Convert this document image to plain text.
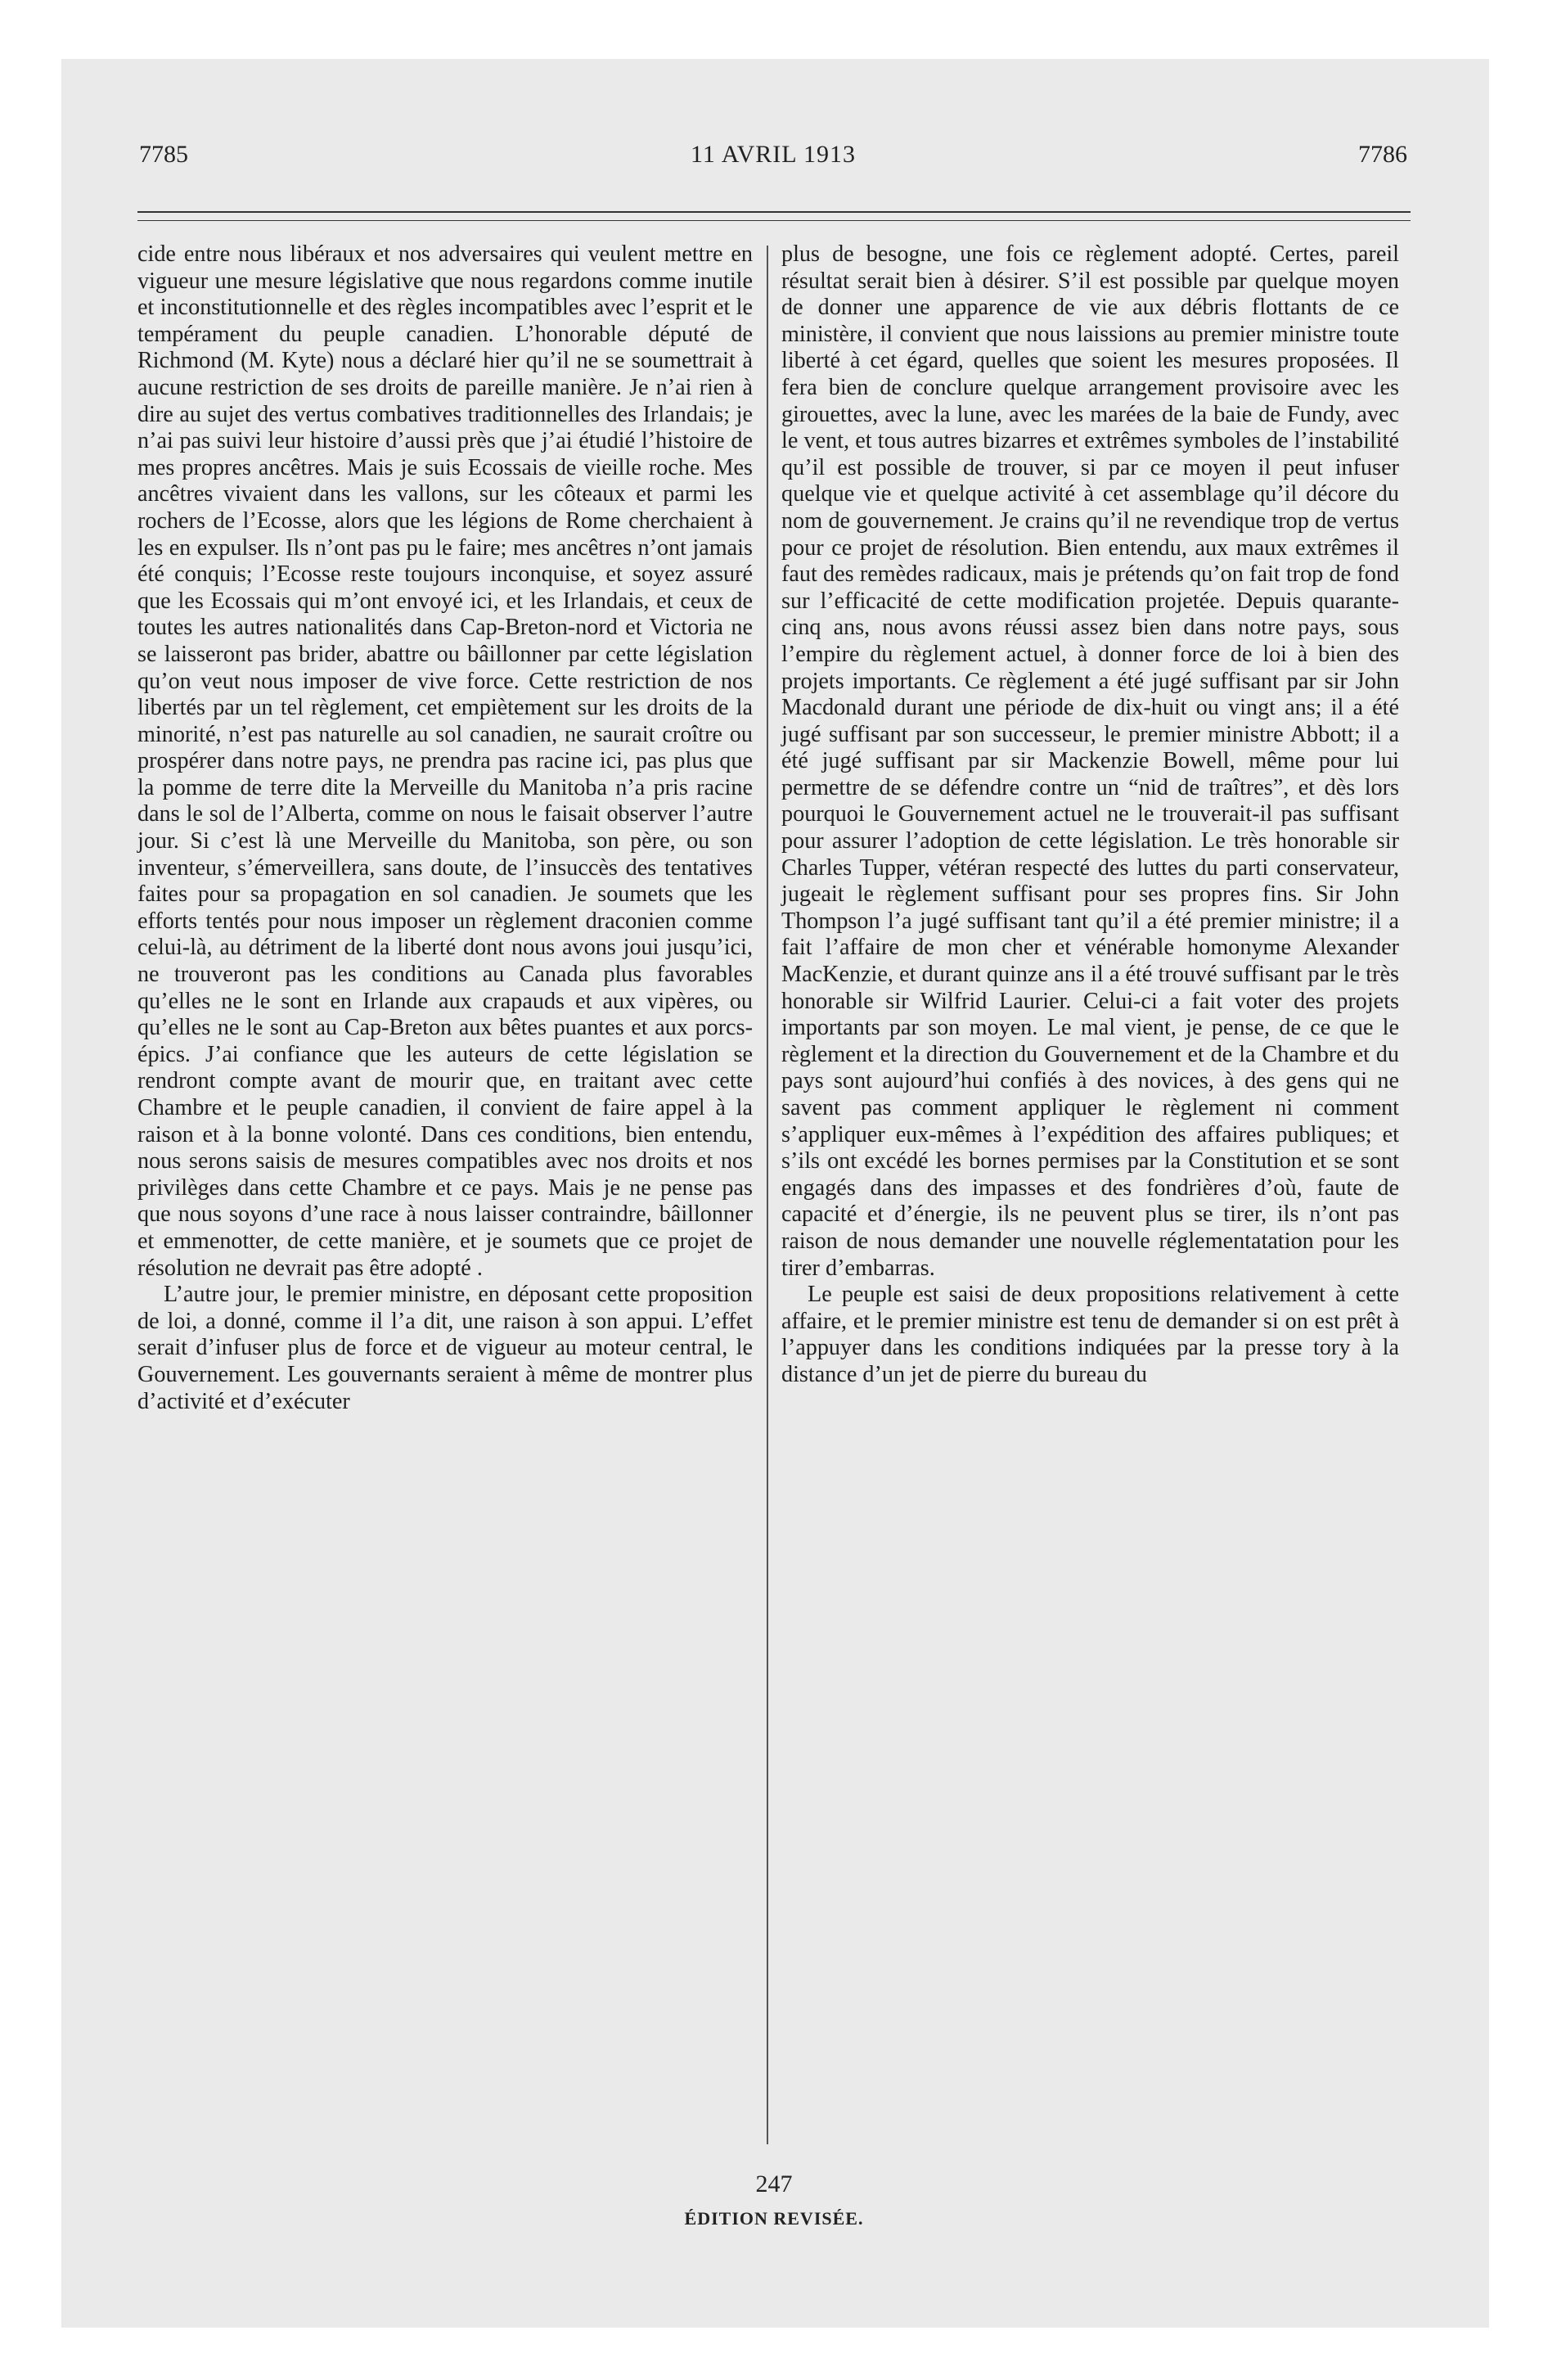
7785	11 AVRIL 1913	7786

cide entre nous libéraux et nos adversaires qui veulent mettre en vigueur une mesure législative que nous regardons comme inutile et inconstitutionnelle et des règles incompatibles avec l’esprit et le tempérament du peuple canadien. L’honorable député de Richmond (M. Kyte) nous a déclaré hier qu’il ne se soumettrait à aucune restriction de ses droits de pareille manière. Je n’ai rien à dire au sujet des vertus combatives traditionnelles des Irlandais; je n’ai pas suivi leur histoire d’aussi près que j’ai étudié l’histoire de mes propres ancêtres. Mais je suis Ecossais de vieille roche. Mes ancêtres vivaient dans les vallons, sur les côteaux et parmi les rochers de l’Ecosse, alors que les légions de Rome cherchaient à les en expulser. Ils n’ont pas pu le faire; mes ancêtres n’ont jamais été conquis; l’Ecosse reste toujours inconquise, et soyez assuré que les Ecossais qui m’ont envoyé ici, et les Irlandais, et ceux de toutes les autres nationalités dans Cap-Breton-nord et Victoria ne se laisseront pas brider, abattre ou bâillonner par cette législation qu’on veut nous imposer de vive force. Cette restriction de nos libertés par un tel règlement, cet empiètement sur les droits de la minorité, n’est pas naturelle au sol canadien, ne saurait croître ou prospérer dans notre pays, ne prendra pas racine ici, pas plus que la pomme de terre dite la Merveille du Manitoba n’a pris racine dans le sol de l’Alberta, comme on nous le faisait observer l’autre jour. Si c’est là une Merveille du Manitoba, son père, ou son inventeur, s’émerveillera, sans doute, de l’insuccès des tentatives faites pour sa propagation en sol canadien. Je soumets que les efforts tentés pour nous imposer un règlement draconien comme celui-là, au détriment de la liberté dont nous avons joui jusqu’ici, ne trouveront pas les conditions au Canada plus favorables qu’elles ne le sont en Irlande aux crapauds et aux vipères, ou qu’elles ne le sont au Cap-Breton aux bêtes puantes et aux porcs-épics. J’ai confiance que les auteurs de cette législation se rendront compte avant de mourir que, en traitant avec cette Chambre et le peuple canadien, il convient de faire appel à la raison et à la bonne volonté. Dans ces conditions, bien entendu, nous serons saisis de mesures compatibles avec nos droits et nos privilèges dans cette Chambre et ce pays. Mais je ne pense pas que nous soyons d’une race à nous laisser contraindre, bâillonner et emmenotter, de cette manière, et je soumets que ce projet de résolution ne devrait pas être adopté .

L’autre jour, le premier ministre, en déposant cette proposition de loi, a donné, comme il l’a dit, une raison à son appui. L’effet serait d’infuser plus de force et de vigueur au moteur central, le Gouvernement. Les gouvernants seraient à même de montrer plus d’activité et d’exécuter

plus de besogne, une fois ce règlement adopté. Certes, pareil résultat serait bien à désirer. S’il est possible par quelque moyen de donner une apparence de vie aux débris flottants de ce ministère, il convient que nous laissions au premier ministre toute liberté à cet égard, quelles que soient les mesures proposées. Il fera bien de conclure quelque arrangement provisoire avec les girouettes, avec la lune, avec les marées de la baie de Fundy, avec le vent, et tous autres bizarres et extrêmes symboles de l’instabilité qu’il est possible de trouver, si par ce moyen il peut infuser quelque vie et quelque activité à cet assemblage qu’il décore du nom de gouvernement. Je crains qu’il ne revendique trop de vertus pour ce projet de résolution. Bien entendu, aux maux extrêmes il faut des remèdes radicaux, mais je prétends qu’on fait trop de fond sur l’efficacité de cette modification projetée. Depuis quarante-cinq ans, nous avons réussi assez bien dans notre pays, sous l’empire du règlement actuel, à donner force de loi à bien des projets importants. Ce règlement a été jugé suffisant par sir John Macdonald durant une période de dix-huit ou vingt ans; il a été jugé suffisant par son successeur, le premier ministre Abbott; il a été jugé suffisant par sir Mackenzie Bowell, même pour lui permettre de se défendre contre un “nid de traîtres”, et dès lors pourquoi le Gouvernement actuel ne le trouverait-il pas suffisant pour assurer l’adoption de cette législation. Le très honorable sir Charles Tupper, vétéran respecté des luttes du parti conservateur, jugeait le règlement suffisant pour ses propres fins. Sir John Thompson l’a jugé suffisant tant qu’il a été premier ministre; il a fait l’affaire de mon cher et vénérable homonyme Alexander MacKenzie, et durant quinze ans il a été trouvé suffisant par le très honorable sir Wilfrid Laurier. Celui-ci a fait voter des projets importants par son moyen. Le mal vient, je pense, de ce que le règlement et la direction du Gouvernement et de la Chambre et du pays sont aujourd’hui confiés à des novices, à des gens qui ne savent pas comment appliquer le règlement ni comment s’appliquer eux-mêmes à l’expédition des affaires publiques; et s’ils ont excédé les bornes permises par la Constitution et se sont engagés dans des impasses et des fondrières d’où, faute de capacité et d’énergie, ils ne peuvent plus se tirer, ils n’ont pas raison de nous demander une nouvelle réglementatation pour les tirer d’embarras.

Le peuple est saisi de deux propositions relativement à cette affaire, et le premier ministre est tenu de demander si on est prêt à l’appuyer dans les conditions indiquées par la presse tory à la distance d’un jet de pierre du bureau du

247
ÉDITION REVISÉE.
